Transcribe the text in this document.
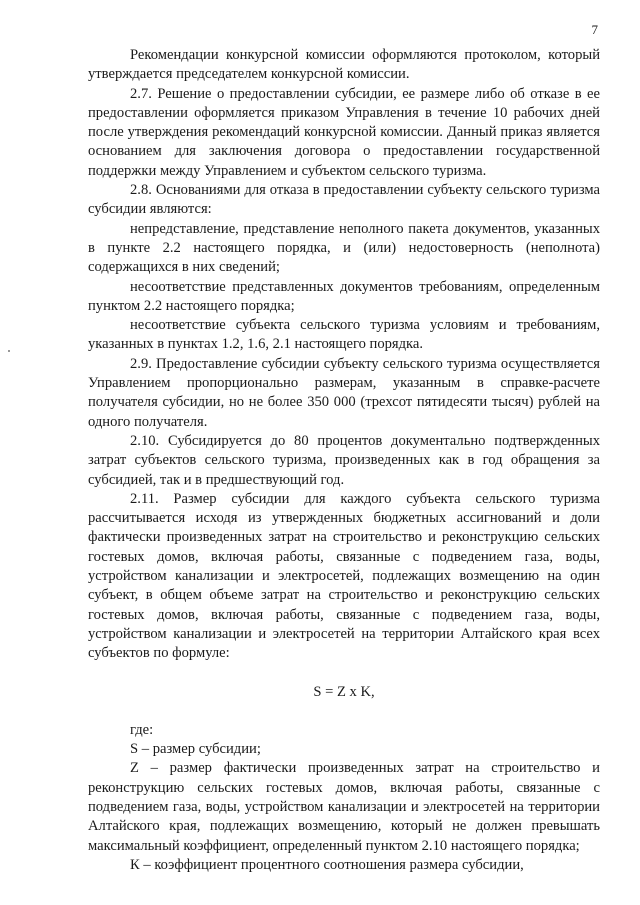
7

Рекомендации конкурсной комиссии оформляются протоколом, который утверждается председателем конкурсной комиссии.

2.7. Решение о предоставлении субсидии, ее размере либо об отказе в ее предоставлении оформляется приказом Управления в течение 10 рабочих дней после утверждения рекомендаций конкурсной комиссии. Данный приказ является основанием для заключения договора о предоставлении государственной поддержки между Управлением и субъектом сельского туризма.

2.8. Основаниями для отказа в предоставлении субъекту сельского туризма субсидии являются:

непредставление, представление неполного пакета документов, указанных в пункте 2.2 настоящего порядка, и (или) недостоверность (неполнота) содержащихся в них сведений;

несоответствие представленных документов требованиям, определенным пунктом 2.2 настоящего порядка;

несоответствие субъекта сельского туризма условиям и требованиям, указанных в пунктах 1.2, 1.6, 2.1 настоящего порядка.

2.9. Предоставление субсидии субъекту сельского туризма осуществляется Управлением пропорционально размерам, указанным в справке-расчете получателя субсидии, но не более 350 000 (трехсот пятидесяти тысяч) рублей на одного получателя.

2.10. Субсидируется до 80 процентов документально подтвержденных затрат субъектов сельского туризма, произведенных как в год обращения за субсидией, так и в предшествующий год.

2.11. Размер субсидии для каждого субъекта сельского туризма рассчитывается исходя из утвержденных бюджетных ассигнований и доли фактически произведенных затрат на строительство и реконструкцию сельских гостевых домов, включая работы, связанные с подведением газа, воды, устройством канализации и электросетей, подлежащих возмещению на один субъект, в общем объеме затрат на строительство и реконструкцию сельских гостевых домов, включая работы, связанные с подведением газа, воды, устройством канализации и электросетей на территории Алтайского края всех субъектов по формуле:

S = Z x K,

где:

S – размер субсидии;

Z – размер фактически произведенных затрат на строительство и реконструкцию сельских гостевых домов, включая работы, связанные с подведением газа, воды, устройством канализации и электросетей на территории Алтайского края, подлежащих возмещению, который не должен превышать максимальный коэффициент, определенный пунктом 2.10 настоящего порядка;

К – коэффициент процентного соотношения размера субсидии,
